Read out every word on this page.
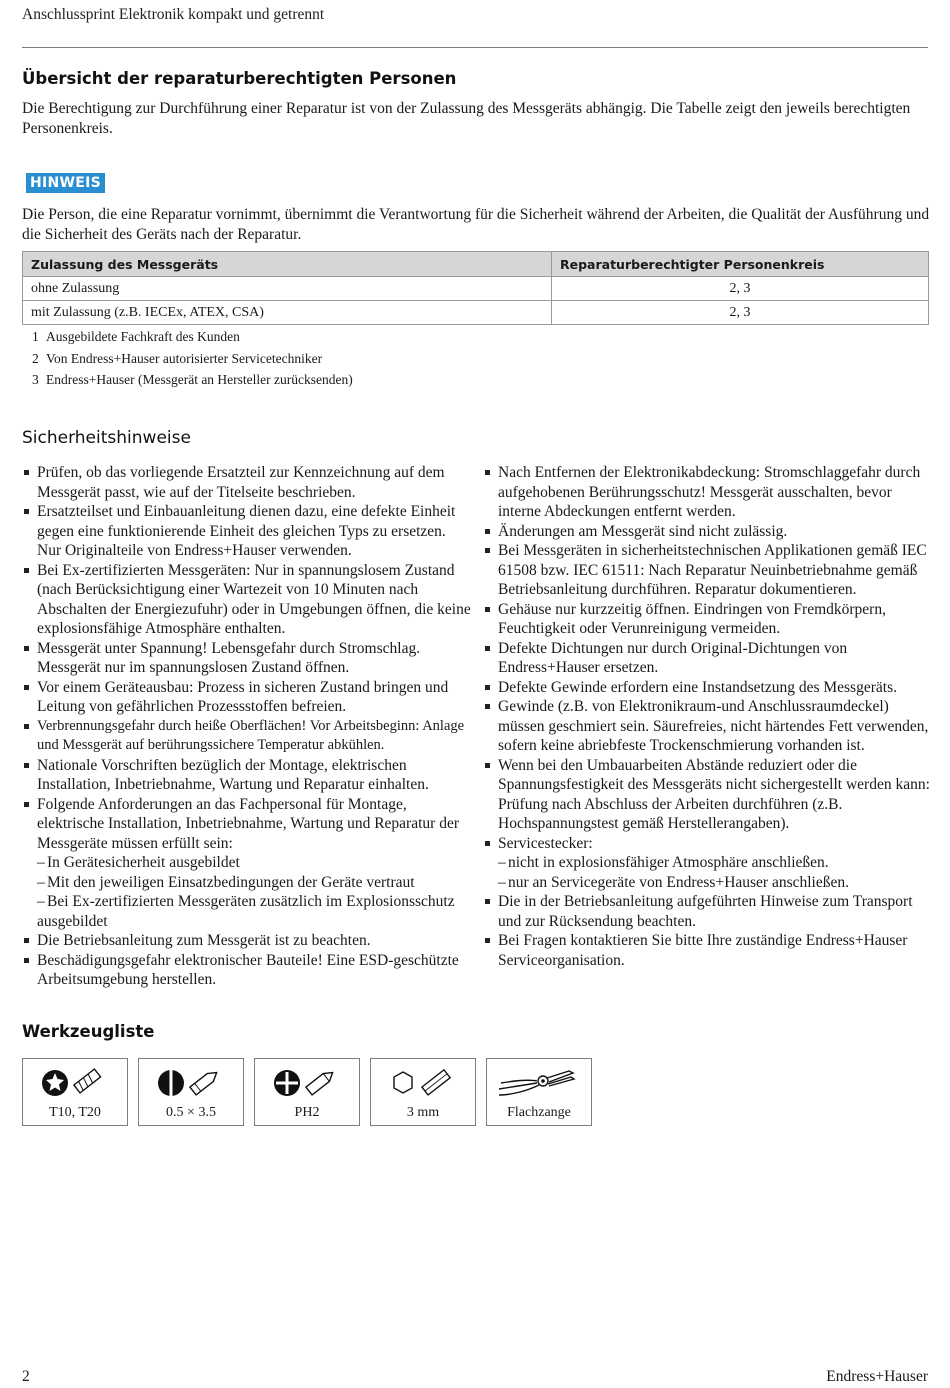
Anschlussprint Elektronik kompakt und getrennt
Übersicht der reparaturberechtigten Personen
Die Berechtigung zur Durchführung einer Reparatur ist von der Zulassung des Messgeräts abhängig. Die Tabelle zeigt den jeweils berechtigten Personenkreis.
HINWEIS
Die Person, die eine Reparatur vornimmt, übernimmt die Verantwortung für die Sicherheit während der Arbeiten, die Qualität der Ausführung und die Sicherheit des Geräts nach der Reparatur.
Zulassung des Messgeräts	Reparaturberechtigter Personenkreis
ohne Zulassung	2, 3
mit Zulassung (z.B. IECEx, ATEX, CSA)	2, 3
1 Ausgebildete Fachkraft des Kunden
2 Von Endress+Hauser autorisierter Servicetechniker
3 Endress+Hauser (Messgerät an Hersteller zurücksenden)
Sicherheitshinweise
Prüfen, ob das vorliegende Ersatzteil zur Kennzeichnung auf dem Messgerät passt, wie auf der Titelseite beschrieben.
Ersatzteilset und Einbauanleitung dienen dazu, eine defekte Einheit gegen eine funktionierende Einheit des gleichen Typs zu ersetzen. Nur Originalteile von Endress+Hauser verwenden.
Bei Ex-zertifizierten Messgeräten: Nur in spannungslosem Zustand (nach Berücksichtigung einer Wartezeit von 10 Minuten nach Abschalten der Energiezufuhr) oder in Umgebungen öffnen, die keine explosionsfähige Atmosphäre enthalten.
Messgerät unter Spannung! Lebensgefahr durch Stromschlag. Messgerät nur im spannungslosen Zustand öffnen.
Vor einem Geräteausbau: Prozess in sicheren Zustand bringen und Leitung von gefährlichen Prozessstoffen befreien.
Verbrennungsgefahr durch heiße Oberflächen! Vor Arbeitsbeginn: Anlage und Messgerät auf berührungssichere Temperatur abkühlen.
Nationale Vorschriften bezüglich der Montage, elektrischen Installation, Inbetriebnahme, Wartung und Reparatur einhalten.
Folgende Anforderungen an das Fachpersonal für Montage, elektrische Installation, Inbetriebnahme, Wartung und Reparatur der Messgeräte müssen erfüllt sein:
– In Gerätesicherheit ausgebildet
– Mit den jeweiligen Einsatzbedingungen der Geräte vertraut
– Bei Ex-zertifizierten Messgeräten zusätzlich im Explosionsschutz ausgebildet
Die Betriebsanleitung zum Messgerät ist zu beachten.
Beschädigungsgefahr elektronischer Bauteile! Eine ESD-geschützte Arbeitsumgebung herstellen.
Nach Entfernen der Elektronikabdeckung: Stromschlaggefahr durch aufgehobenen Berührungsschutz! Messgerät ausschalten, bevor interne Abdeckungen entfernt werden.
Änderungen am Messgerät sind nicht zulässig.
Bei Messgeräten in sicherheitstechnischen Applikationen gemäß IEC 61508 bzw. IEC 61511: Nach Reparatur Neuinbetriebnahme gemäß Betriebsanleitung durchführen. Reparatur dokumentieren.
Gehäuse nur kurzzeitig öffnen. Eindringen von Fremdkörpern, Feuchtigkeit oder Verunreinigung vermeiden.
Defekte Dichtungen nur durch Original-Dichtungen von Endress+Hauser ersetzen.
Defekte Gewinde erfordern eine Instandsetzung des Messgeräts.
Gewinde (z.B. von Elektronikraum-und Anschlussraumdeckel) müssen geschmiert sein. Säurefreies, nicht härtendes Fett verwenden, sofern keine abriebfeste Trockenschmierung vorhanden ist.
Wenn bei den Umbauarbeiten Abstände reduziert oder die Spannungsfestigkeit des Messgeräts nicht sichergestellt werden kann: Prüfung nach Abschluss der Arbeiten durchführen (z.B. Hochspannungstest gemäß Herstellerangaben).
Servicestecker:
– nicht in explosionsfähiger Atmosphäre anschließen.
– nur an Servicegeräte von Endress+Hauser anschließen.
Die in der Betriebsanleitung aufgeführten Hinweise zum Transport und zur Rücksendung beachten.
Bei Fragen kontaktieren Sie bitte Ihre zuständige Endress+Hauser Serviceorganisation.
Werkzeugliste
T10, T20	0.5 × 3.5	PH2	3 mm	Flachzange
2	Endress+Hauser
